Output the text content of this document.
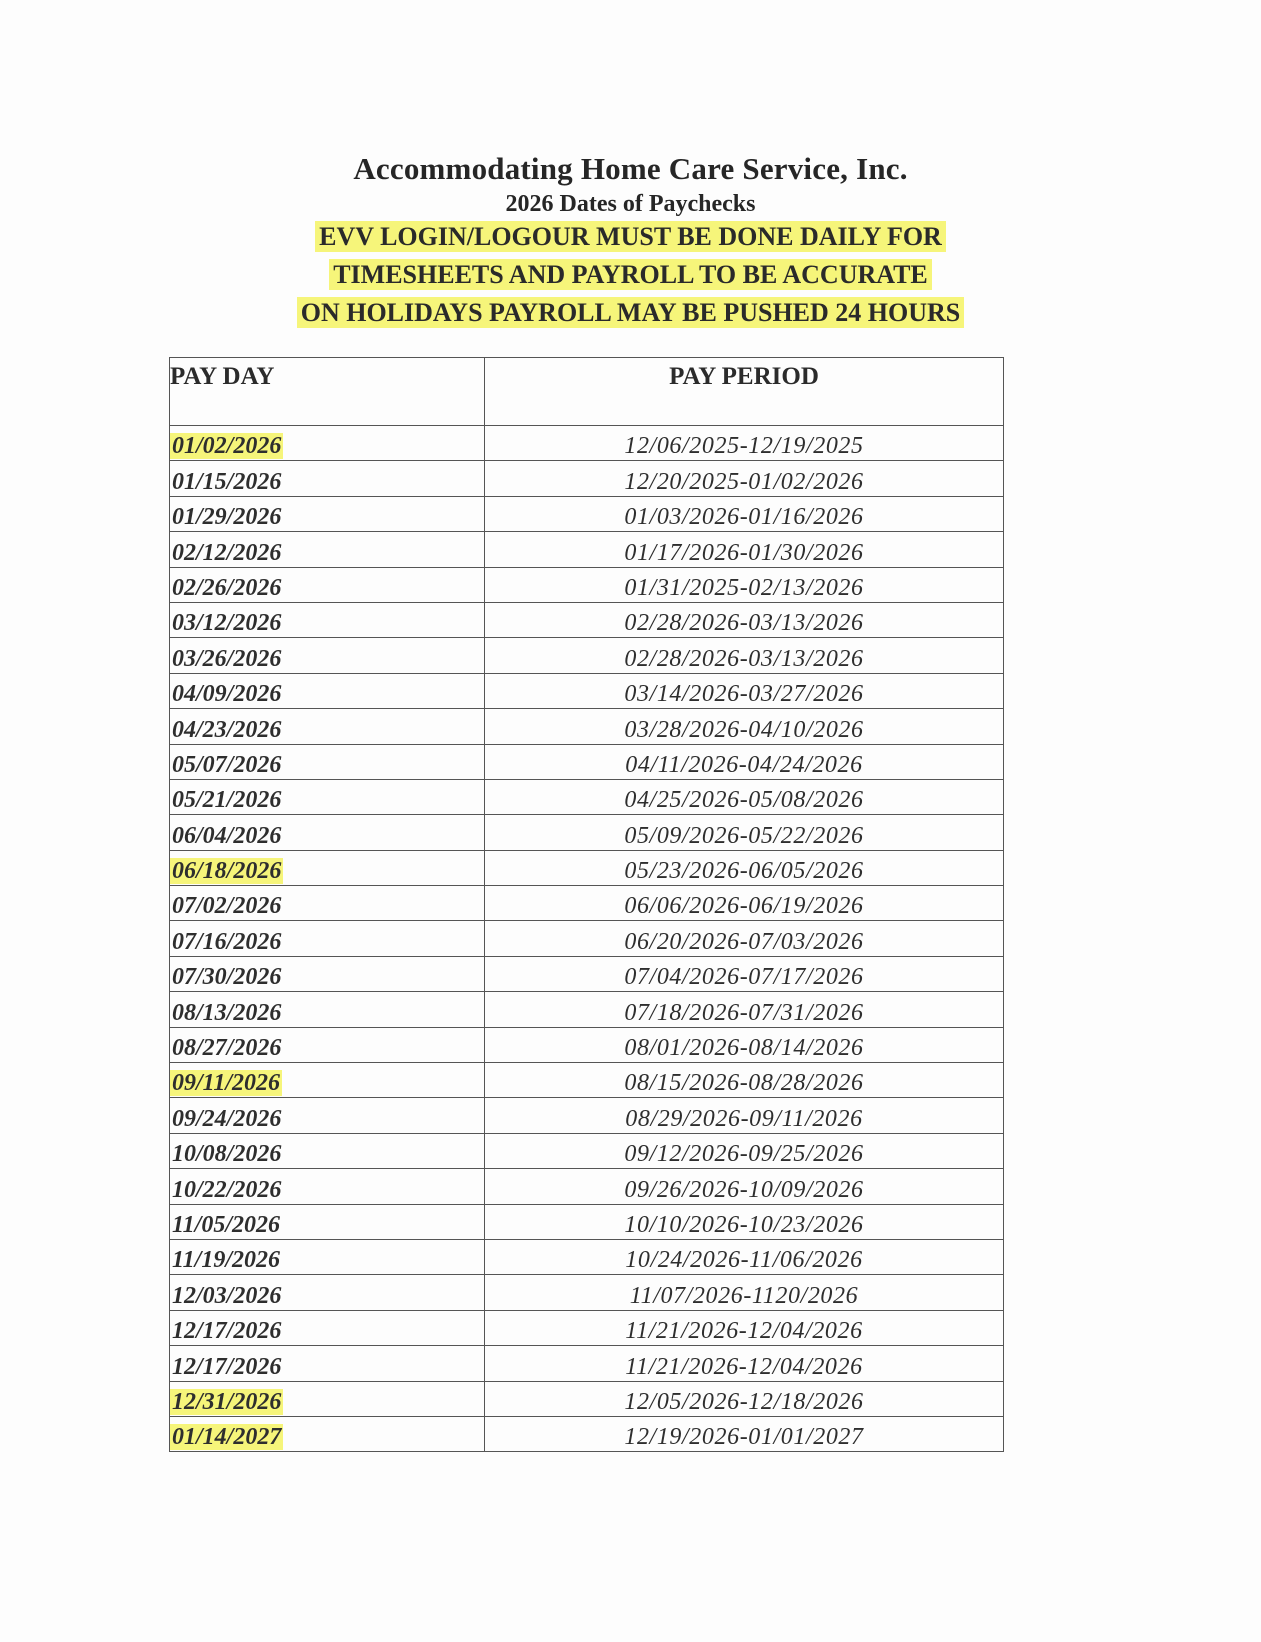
Accommodating Home Care Service, Inc.
2026 Dates of Paychecks
EVV LOGIN/LOGOUR MUST BE DONE DAILY FOR
TIMESHEETS AND PAYROLL TO BE ACCURATE
ON HOLIDAYS PAYROLL MAY BE PUSHED 24 HOURS
PAY DAY	PAY PERIOD
01/02/2026	12/06/2025-12/19/2025
01/15/2026	12/20/2025-01/02/2026
01/29/2026	01/03/2026-01/16/2026
02/12/2026	01/17/2026-01/30/2026
02/26/2026	01/31/2025-02/13/2026
03/12/2026	02/28/2026-03/13/2026
03/26/2026	02/28/2026-03/13/2026
04/09/2026	03/14/2026-03/27/2026
04/23/2026	03/28/2026-04/10/2026
05/07/2026	04/11/2026-04/24/2026
05/21/2026	04/25/2026-05/08/2026
06/04/2026	05/09/2026-05/22/2026
06/18/2026	05/23/2026-06/05/2026
07/02/2026	06/06/2026-06/19/2026
07/16/2026	06/20/2026-07/03/2026
07/30/2026	07/04/2026-07/17/2026
08/13/2026	07/18/2026-07/31/2026
08/27/2026	08/01/2026-08/14/2026
09/11/2026	08/15/2026-08/28/2026
09/24/2026	08/29/2026-09/11/2026
10/08/2026	09/12/2026-09/25/2026
10/22/2026	09/26/2026-10/09/2026
11/05/2026	10/10/2026-10/23/2026
11/19/2026	10/24/2026-11/06/2026
12/03/2026	11/07/2026-1120/2026
12/17/2026	11/21/2026-12/04/2026
12/17/2026	11/21/2026-12/04/2026
12/31/2026	12/05/2026-12/18/2026
01/14/2027	12/19/2026-01/01/2027
